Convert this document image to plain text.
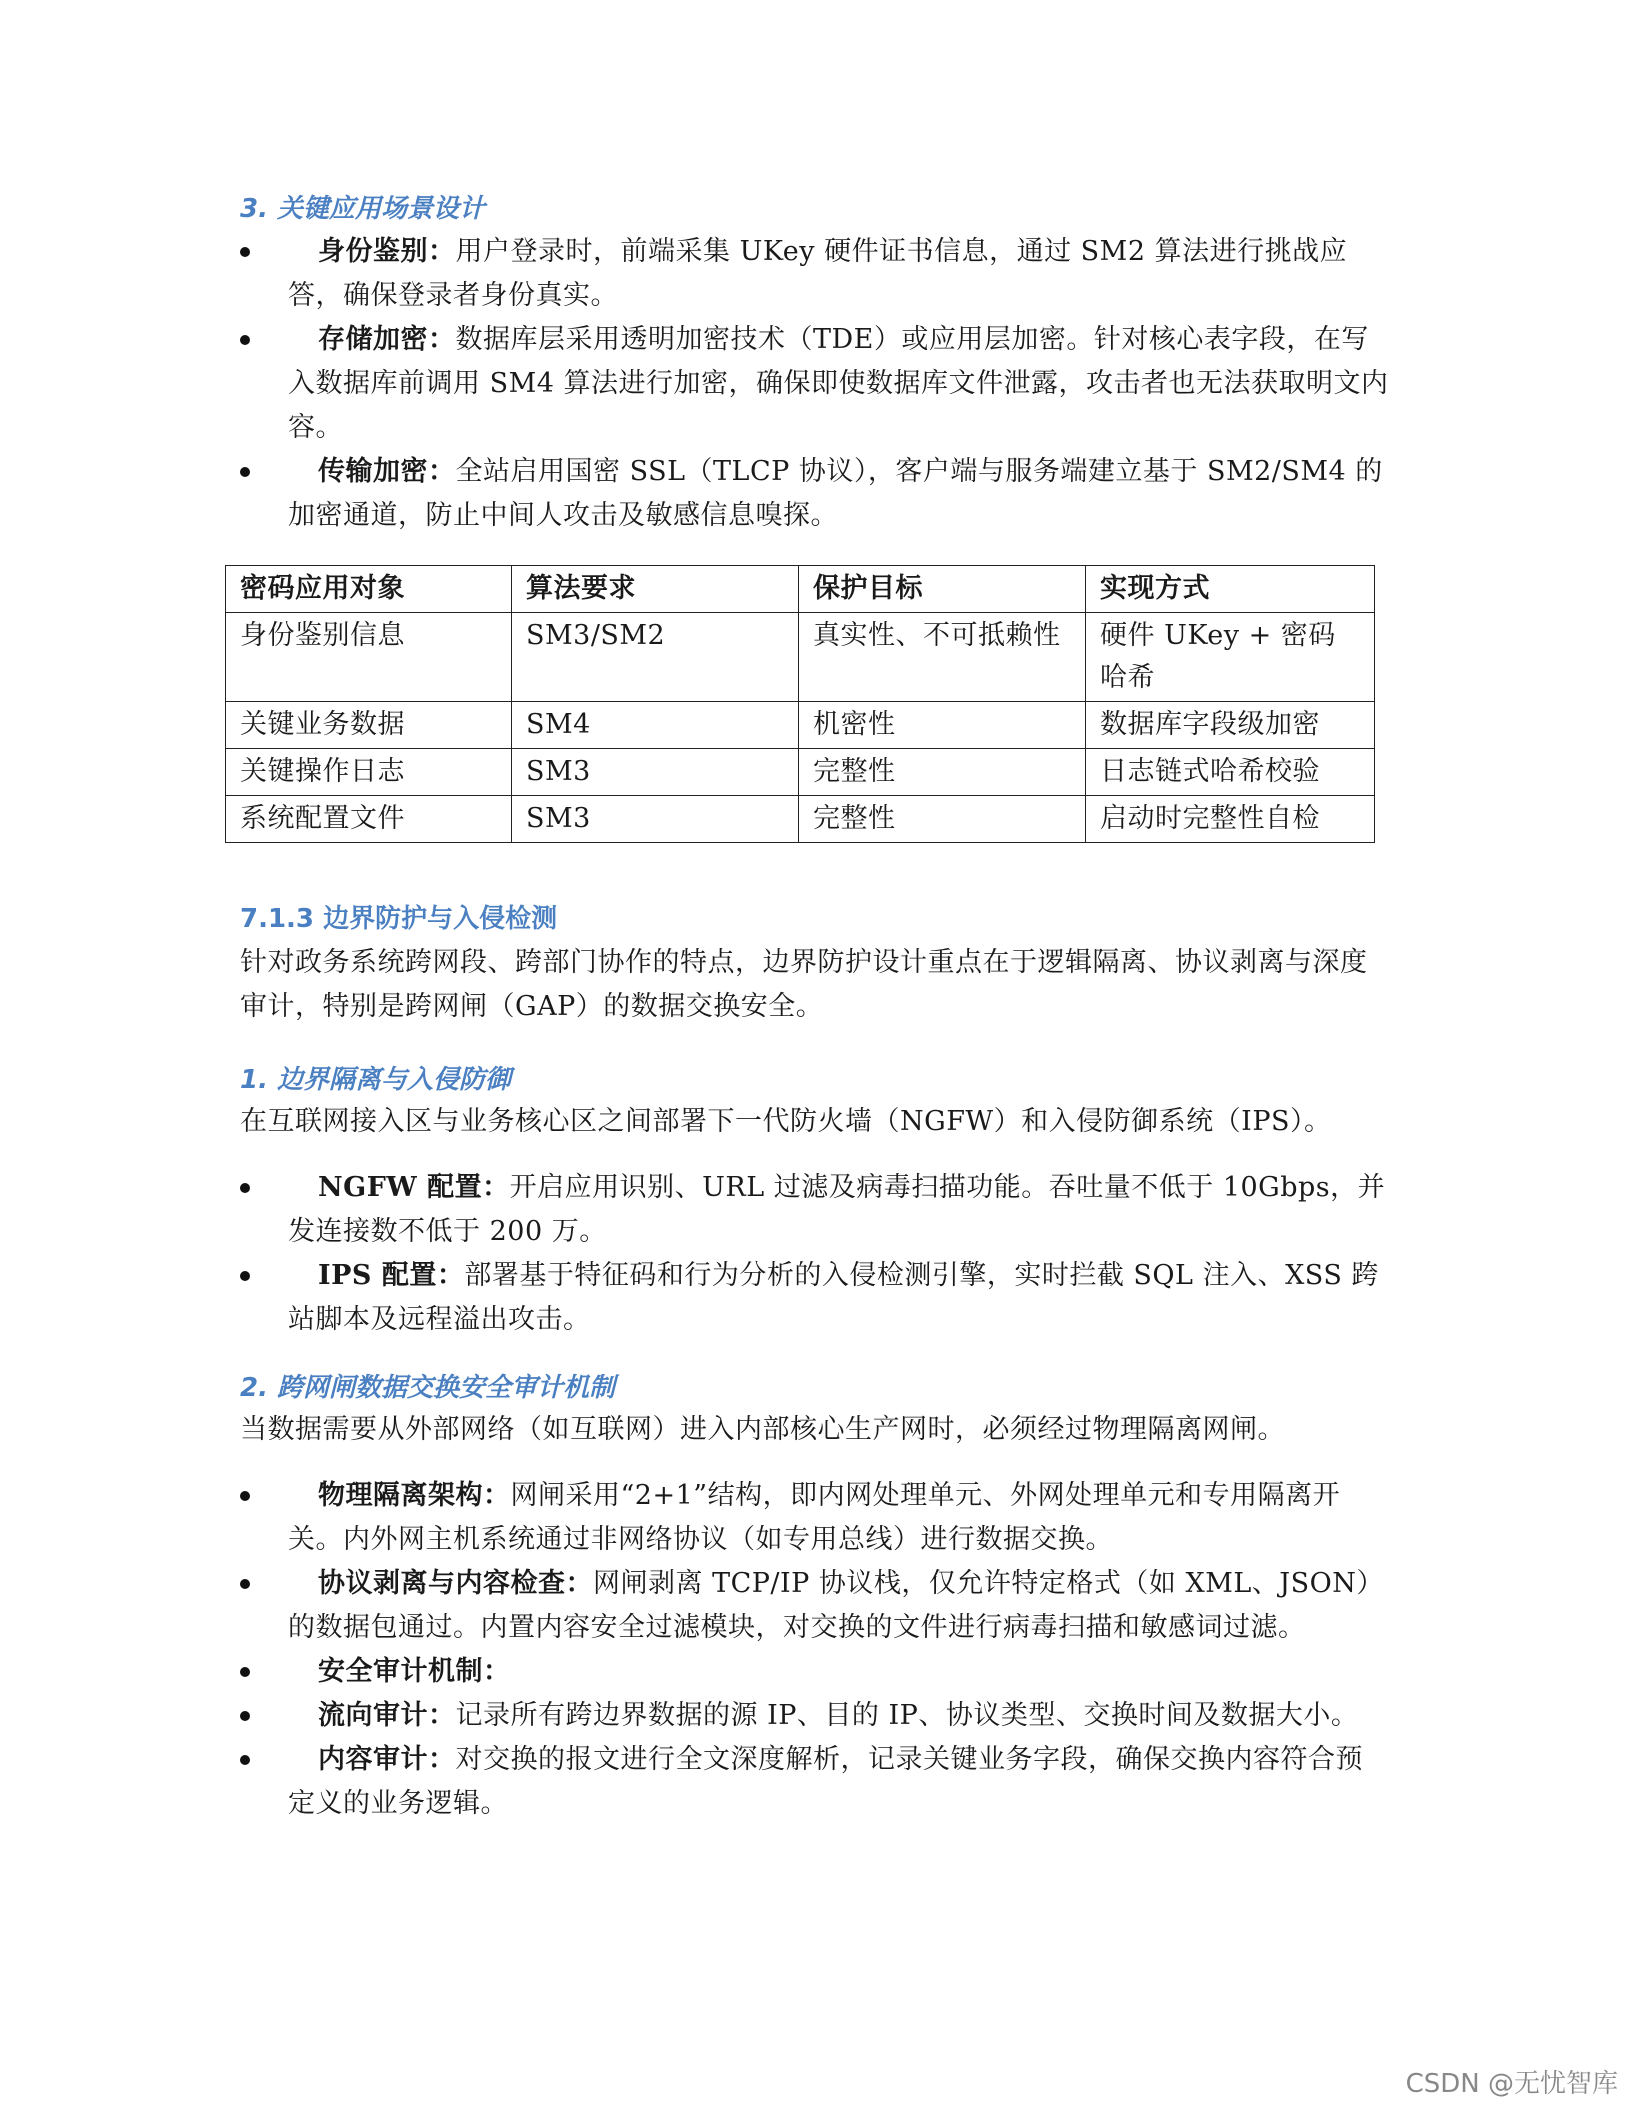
3. 关键应用场景设计
身份鉴别：用户登录时，前端采集 UKey 硬件证书信息，通过 SM2 算法进行挑战应答，确保登录者身份真实。
存储加密：数据库层采用透明加密技术（TDE）或应用层加密。针对核心表字段，在写入数据库前调用 SM4 算法进行加密，确保即使数据库文件泄露，攻击者也无法获取明文内容。
传输加密：全站启用国密 SSL（TLCP 协议），客户端与服务端建立基于 SM2/SM4 的加密通道，防止中间人攻击及敏感信息嗅探。
密码应用对象	算法要求	保护目标	实现方式
身份鉴别信息	SM3/SM2	真实性、不可抵赖性	硬件 UKey + 密码哈希
关键业务数据	SM4	机密性	数据库字段级加密
关键操作日志	SM3	完整性	日志链式哈希校验
系统配置文件	SM3	完整性	启动时完整性自检
7.1.3 边界防护与入侵检测
针对政务系统跨网段、跨部门协作的特点，边界防护设计重点在于逻辑隔离、协议剥离与深度审计，特别是跨网闸（GAP）的数据交换安全。
1. 边界隔离与入侵防御
在互联网接入区与业务核心区之间部署下一代防火墙（NGFW）和入侵防御系统（IPS）。
NGFW 配置：开启应用识别、URL 过滤及病毒扫描功能。吞吐量不低于 10Gbps，并发连接数不低于 200 万。
IPS 配置：部署基于特征码和行为分析的入侵检测引擎，实时拦截 SQL 注入、XSS 跨站脚本及远程溢出攻击。
2. 跨网闸数据交换安全审计机制
当数据需要从外部网络（如互联网）进入内部核心生产网时，必须经过物理隔离网闸。
物理隔离架构：网闸采用“2+1”结构，即内网处理单元、外网处理单元和专用隔离开关。内外网主机系统通过非网络协议（如专用总线）进行数据交换。
协议剥离与内容检查：网闸剥离 TCP/IP 协议栈，仅允许特定格式（如 XML、JSON）的数据包通过。内置内容安全过滤模块，对交换的文件进行病毒扫描和敏感词过滤。
安全审计机制：
流向审计：记录所有跨边界数据的源 IP、目的 IP、协议类型、交换时间及数据大小。
内容审计：对交换的报文进行全文深度解析，记录关键业务字段，确保交换内容符合预定义的业务逻辑。
CSDN @无忧智库
